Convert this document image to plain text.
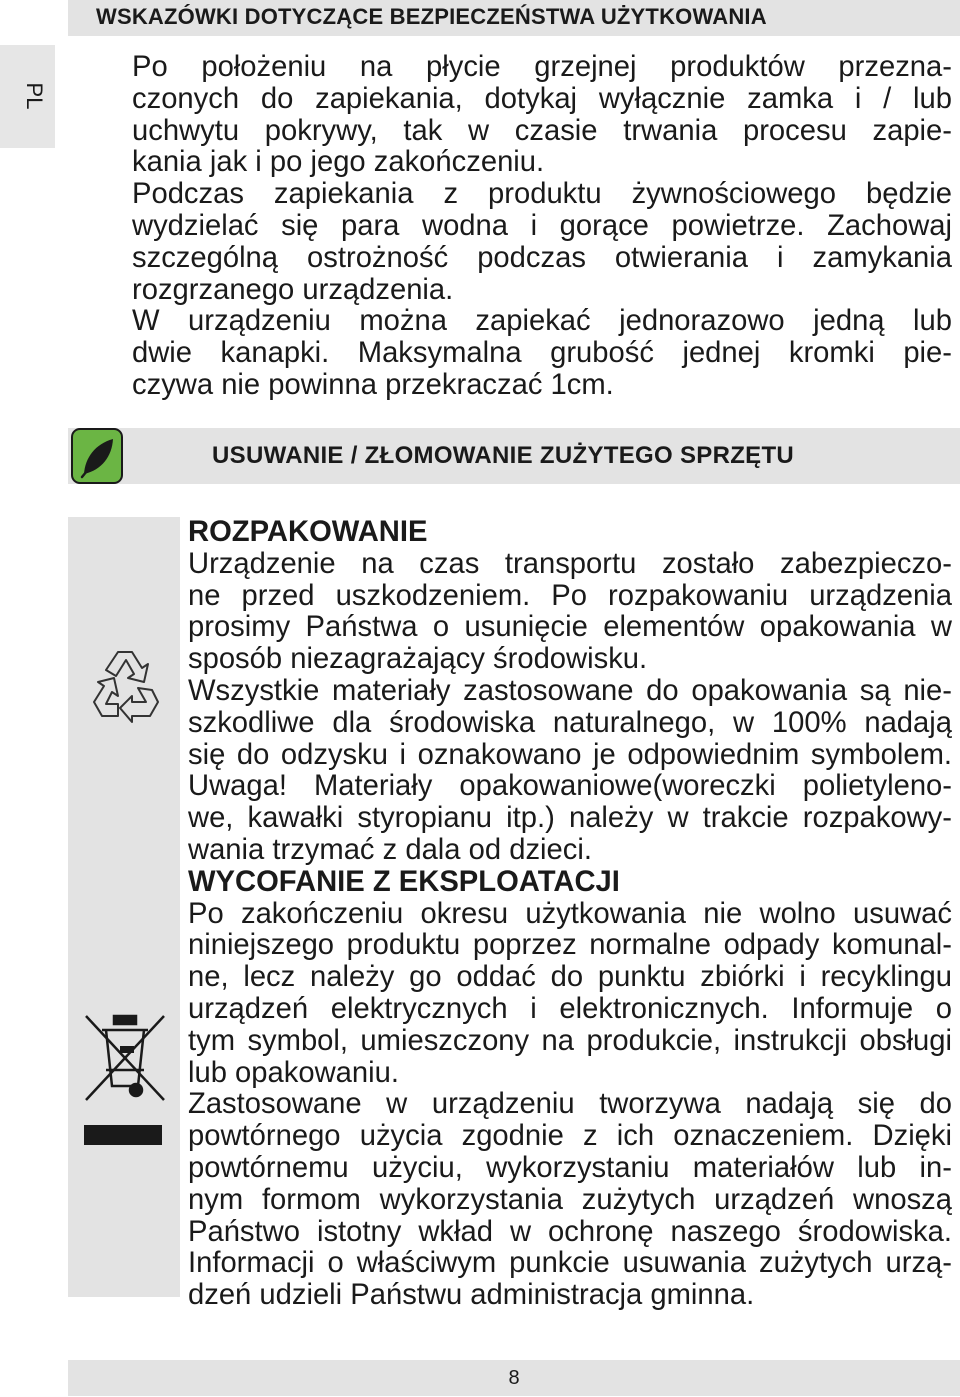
WSKAZÓWKI DOTYCZĄCE BEZPIECZEŃSTWA UŻYTKOWANIA
PL

Po położeniu na płycie grzejnej produktów przezna-

czonych do zapiekania, dotykaj wyłącznie zamka i / lub

uchwytu pokrywy, tak w czasie trwania procesu zapie-

kania jak i po jego zakończeniu.

Podczas zapiekania z produktu żywnościowego będzie

wydzielać się para wodna i gorące powietrze. Zachowaj

szczególną ostrożność podczas otwierania i zamykania

rozgrzanego urządzenia.

W urządzeniu można zapiekać jednorazowo jedną lub

dwie kanapki. Maksymalna grubość jednej kromki pie-

czywa nie powinna przekraczać 1cm.

USUWANIE / ZŁOMOWANIE ZUŻYTEGO SPRZĘTU

ROZPAKOWANIE

Urządzenie na czas transportu zostało zabezpieczo-

ne przed uszkodzeniem. Po rozpakowaniu urządzenia

prosimy Państwa o usunięcie elementów opakowania w

sposób niezagrażający środowisku.

Wszystkie materiały zastosowane do opakowania są nie-

szkodliwe dla środowiska naturalnego, w 100% nadają

się do odzysku i oznakowano je odpowiednim symbolem.

Uwaga! Materiały opakowaniowe(woreczki polietyleno-

we, kawałki styropianu itp.) należy w trakcie rozpakowy-

wania trzymać z dala od dzieci.

WYCOFANIE Z EKSPLOATACJI

Po zakończeniu okresu użytkowania nie wolno usuwać

niniejszego produktu poprzez normalne odpady komunal-

ne, lecz należy go oddać do punktu zbiórki i recyklingu

urządzeń elektrycznych i elektronicznych. Informuje o

tym symbol, umieszczony na produkcie, instrukcji obsługi

lub opakowaniu.

Zastosowane w urządzeniu tworzywa nadają się do

powtórnego użycia zgodnie z ich oznaczeniem. Dzięki

powtórnemu użyciu, wykorzystaniu materiałów lub in-

nym formom wykorzystania zużytych urządzeń wnoszą

Państwo istotny wkład w ochronę naszego środowiska.

Informacji o właściwym punkcie usuwania zużytych urzą-

dzeń udzieli Państwu administracja gminna.

8
